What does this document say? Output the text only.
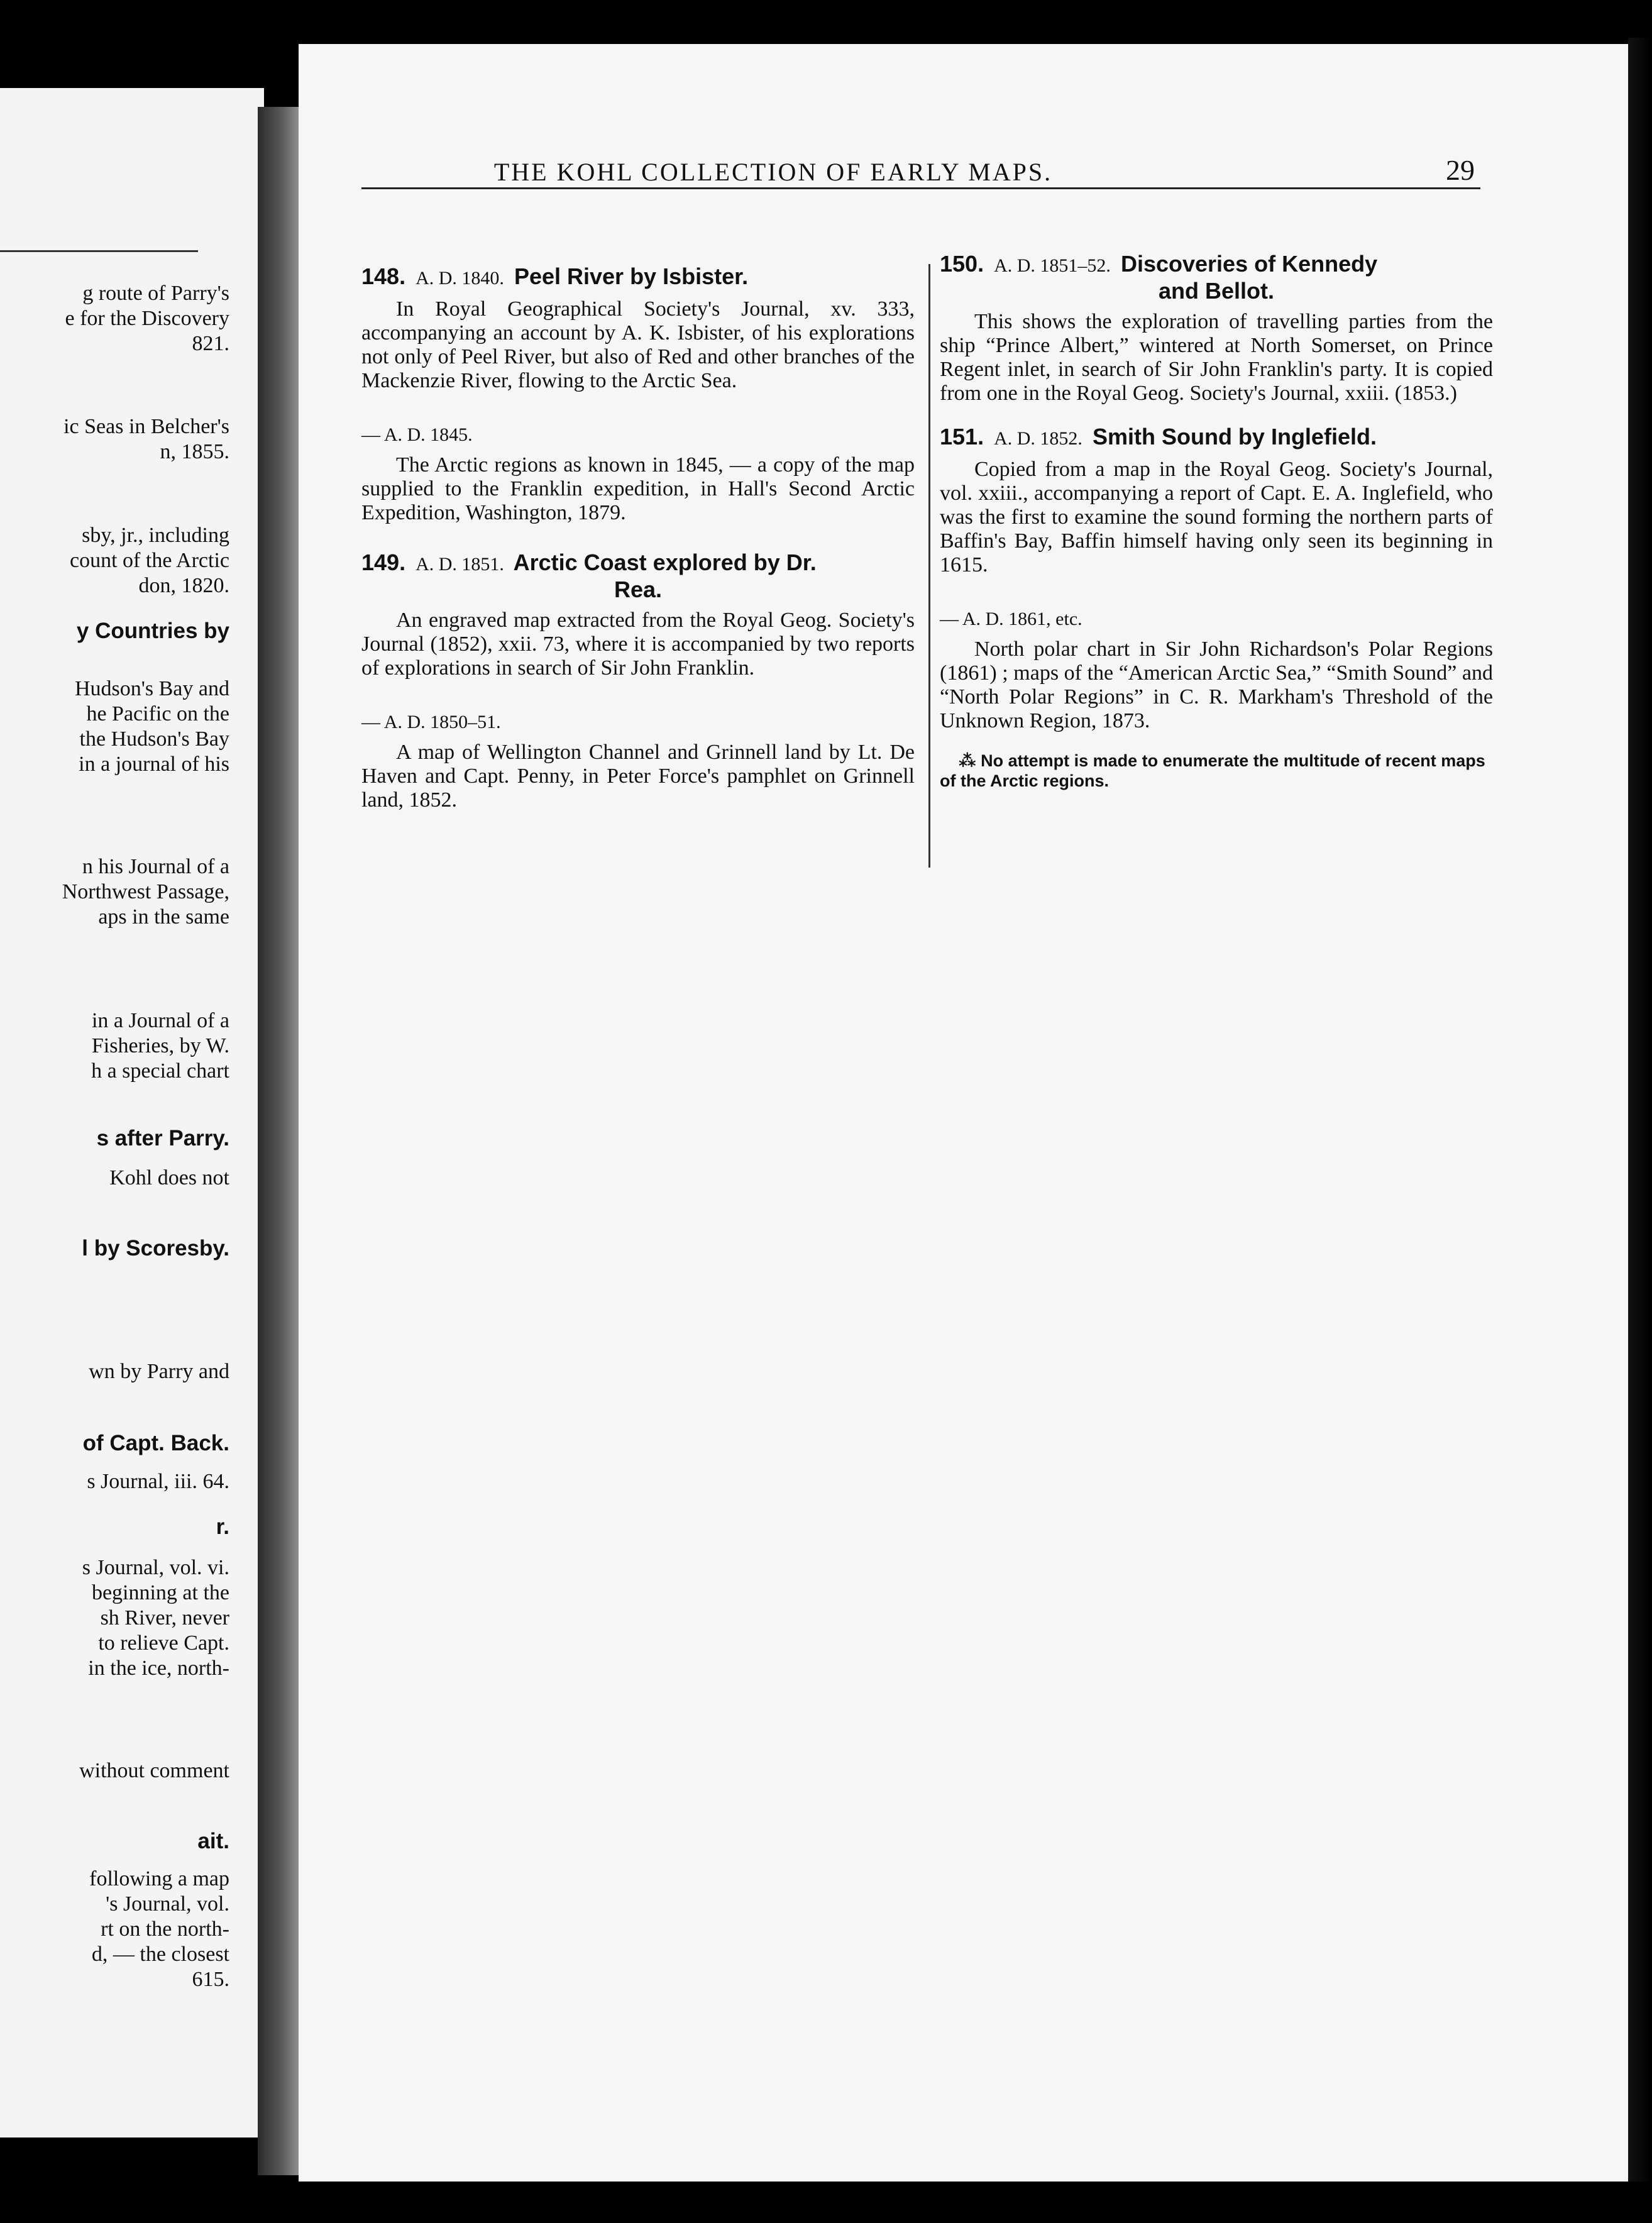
g route of Parry's
e for the Discovery
821.
ic Seas in Belcher's
n, 1855.
sby, jr., including
count of the Arctic
don, 1820.
y Countries by
Hudson's Bay and
he Pacific on the
the Hudson's Bay
in a journal of his
n his Journal of a
Northwest Passage,
aps in the same
in a Journal of a
Fisheries, by W.
h a special chart
s after Parry.
Kohl does not
l by Scoresby.
wn by Parry and
of Capt. Back.
s Journal, iii. 64.
r.
s Journal, vol. vi.
beginning at the
sh River, never
to relieve Capt.
in the ice, north-
without comment
ait.
following a map
's Journal, vol.
rt on the north-
d, — the closest
615.
THE KOHL COLLECTION OF EARLY MAPS.	29

148. A. D. 1840. Peel River by Isbister.

In Royal Geographical Society's Journal, xv. 333, accompanying an account by A. K. Isbister, of his explorations not only of Peel River, but also of Red and other branches of the Mackenzie River, flowing to the Arctic Sea.

— A. D. 1845.

The Arctic regions as known in 1845, — a copy of the map supplied to the Franklin expedition, in Hall's Second Arctic Expedition, Washington, 1879.

149. A. D. 1851. Arctic Coast explored by Dr.
Rea.

An engraved map extracted from the Royal Geog. Society's Journal (1852), xxii. 73, where it is accompanied by two reports of explorations in search of Sir John Franklin.

— A. D. 1850–51.

A map of Wellington Channel and Grinnell land by Lt. De Haven and Capt. Penny, in Peter Force's pamphlet on Grinnell land, 1852.

150. A. D. 1851–52. Discoveries of Kennedy
and Bellot.

This shows the exploration of travelling parties from the ship “Prince Albert,” wintered at North Somerset, on Prince Regent inlet, in search of Sir John Franklin's party. It is copied from one in the Royal Geog. Society's Journal, xxiii. (1853.)

151. A. D. 1852. Smith Sound by Inglefield.

Copied from a map in the Royal Geog. Society's Journal, vol. xxiii., accompanying a report of Capt. E. A. Inglefield, who was the first to examine the sound forming the northern parts of Baffin's Bay, Baffin himself having only seen its beginning in 1615.

— A. D. 1861, etc.

North polar chart in Sir John Richardson's Polar Regions (1861) ; maps of the “American Arctic Sea,” “Smith Sound” and “North Polar Regions” in C. R. Markham's Threshold of the Unknown Region, 1873.

⁂ No attempt is made to enumerate the multitude of recent maps of the Arctic regions.
